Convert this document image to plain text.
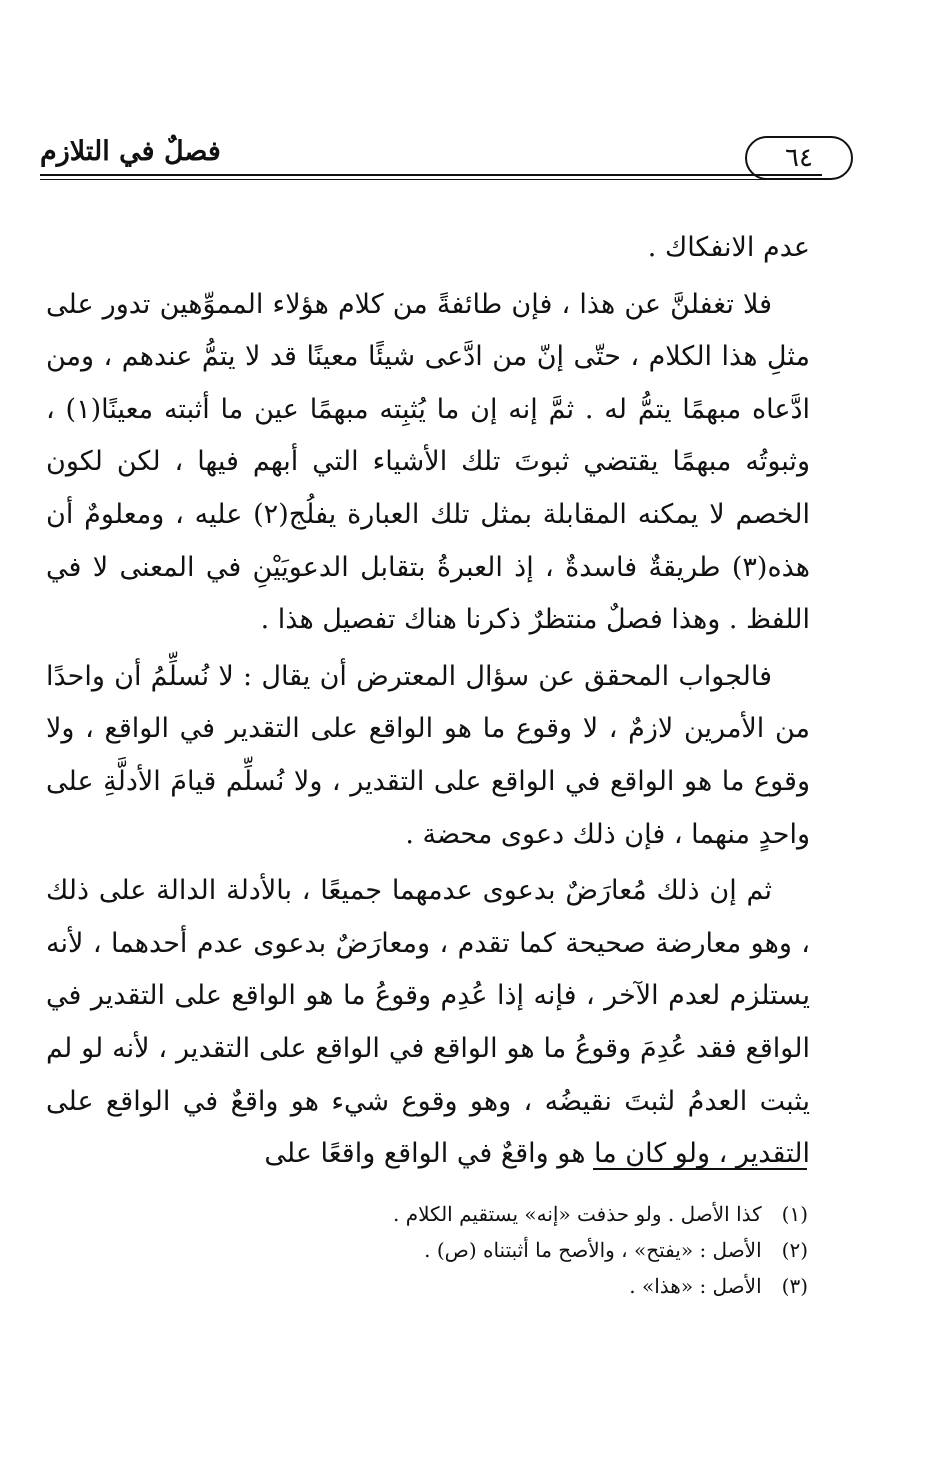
٦٤
فصلٌ في التلازم

عدم الانفكاك .

فلا تغفلنَّ عن هذا ، فإن طائفةً من كلام هؤلاء المموِّهين تدور على مثلِ هذا الكلام ، حتّى إنّ من ادَّعى شيئًا معينًا قد لا يتمُّ عندهم ، ومن ادَّعاه مبهمًا يتمُّ له . ثمَّ إنه إن ما يُثبِته مبهمًا عين ما أثبته معينًا(١) ، وثبوتُه مبهمًا يقتضي ثبوتَ تلك الأشياء التي أبهم فيها ، لكن لكون الخصم لا يمكنه المقابلة بمثل تلك العبارة يفلُج(٢) عليه ، ومعلومٌ أن هذه(٣) طريقةٌ فاسدةٌ ، إذ العبرةُ بتقابل الدعويَيْنِ في المعنى لا في اللفظ . وهذا فصلٌ منتظرٌ ذكرنا هناك تفصيل هذا .

فالجواب المحقق عن سؤال المعترض أن يقال : لا نُسلِّمُ أن واحدًا من الأمرين لازمٌ ، لا وقوع ما هو الواقع على التقدير في الواقع ، ولا وقوع ما هو الواقع في الواقع على التقدير ، ولا نُسلِّم قيامَ الأدلَّةِ على واحدٍ منهما ، فإن ذلك دعوى محضة .

ثم إن ذلك مُعارَضٌ بدعوى عدمهما جميعًا ، بالأدلة الدالة على ذلك ، وهو معارضة صحيحة كما تقدم ، ومعارَضٌ بدعوى عدم أحدهما ، لأنه يستلزم لعدم الآخر ، فإنه إذا عُدِم وقوعُ ما هو الواقع على التقدير في الواقع فقد عُدِمَ وقوعُ ما هو الواقع في الواقع على التقدير ، لأنه لو لم يثبت العدمُ لثبتَ نقيضُه ، وهو وقوع شيء هو واقعٌ في الواقع على التقدير ، ولو كان ما هو واقعٌ في الواقع واقعًا على

(١) كذا الأصل . ولو حذفت «إنه» يستقيم الكلام .

(٢) الأصل : «يفتح» ، والأصح ما أثبتناه (ص) .

(٣) الأصل : «هذا» .
